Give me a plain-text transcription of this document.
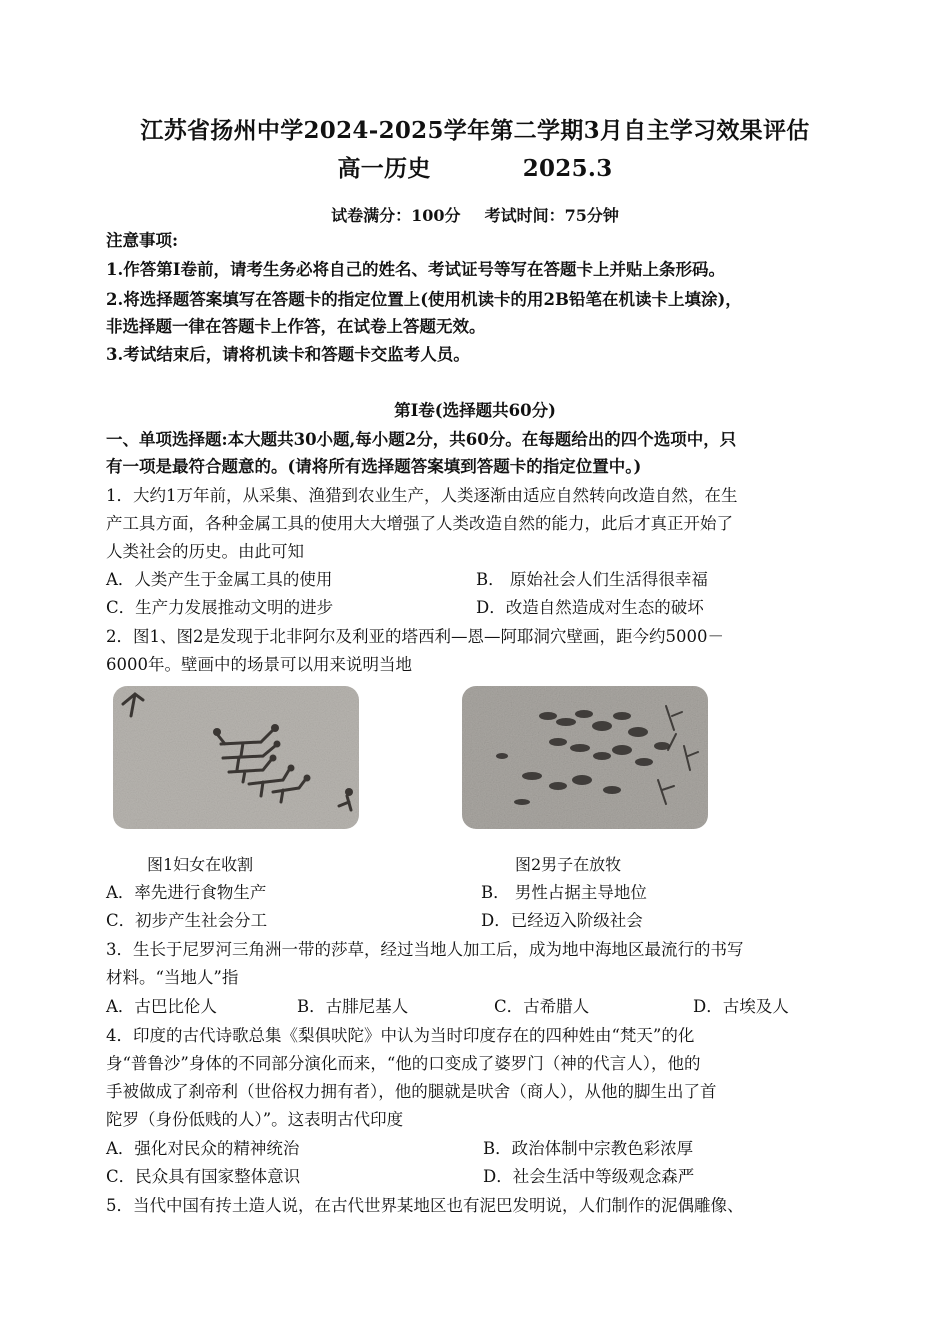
江苏省扬州中学2024-2025学年第二学期3月自主学习效果评估
高一历史	2025.3
试卷满分：100分 考试时间：75分钟
注意事项:
1.作答第Ⅰ卷前，请考生务必将自己的姓名、考试证号等写在答题卡上并贴上条形码。
2.将选择题答案填写在答题卡的指定位置上(使用机读卡的用2B铅笔在机读卡上填涂)，
非选择题一律在答题卡上作答，在试卷上答题无效。
3.考试结束后，请将机读卡和答题卡交监考人员。
第Ⅰ卷(选择题共60分)
一、单项选择题:本大题共30小题,每小题2分，共60分。在每题给出的四个选项中，只
有一项是最符合题意的。(请将所有选择题答案填到答题卡的指定位置中。)
1．大约1万年前，从采集、渔猎到农业生产，人类逐渐由适应自然转向改造自然，在生
产工具方面，各种金属工具的使用大大增强了人类改造自然的能力，此后才真正开始了
人类社会的历史。由此可知
A．人类产生于金属工具的使用	B． 原始社会人们生活得很幸福
C．生产力发展推动文明的进步	D．改造自然造成对生态的破坏
2．图1、图2是发现于北非阿尔及利亚的塔西利—恩—阿耶洞穴壁画，距今约5000－
6000年。壁画中的场景可以用来说明当地
图1妇女在收割	图2男子在放牧
A．率先进行食物生产	B． 男性占据主导地位
C．初步产生社会分工	D．已经迈入阶级社会
3．生长于尼罗河三角洲一带的莎草，经过当地人加工后，成为地中海地区最流行的书写
材料。“当地人”指
A．古巴比伦人	B．古腓尼基人	C．古希腊人	D．古埃及人
4．印度的古代诗歌总集《梨俱吠陀》中认为当时印度存在的四种姓由“梵天”的化
身“普鲁沙”身体的不同部分演化而来，“他的口变成了婆罗门（神的代言人），他的
手被做成了刹帝利（世俗权力拥有者），他的腿就是吠舍（商人），从他的脚生出了首
陀罗（身份低贱的人）”。这表明古代印度
A．强化对民众的精神统治	B．政治体制中宗教色彩浓厚
C．民众具有国家整体意识	D．社会生活中等级观念森严
5．当代中国有抟土造人说，在古代世界某地区也有泥巴发明说，人们制作的泥偶雕像、
